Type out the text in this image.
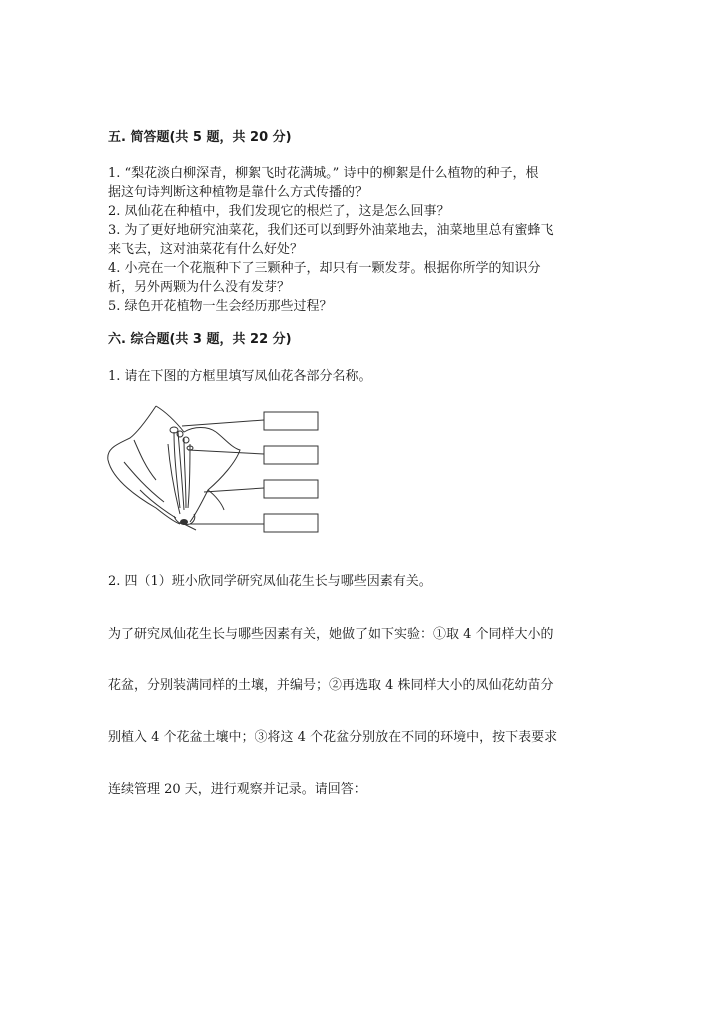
五. 简答题(共 5 题，共 20 分)
1. “梨花淡白柳深青，柳絮飞时花满城。” 诗中的柳絮是什么植物的种子，根
据这句诗判断这种植物是靠什么方式传播的？
2. 凤仙花在种植中，我们发现它的根烂了，这是怎么回事？
3. 为了更好地研究油菜花，我们还可以到野外油菜地去，油菜地里总有蜜蜂飞
来飞去，这对油菜花有什么好处？
4. 小亮在一个花瓶种下了三颗种子，却只有一颗发芽。根据你所学的知识分
析，另外两颗为什么没有发芽？
5. 绿色开花植物一生会经历那些过程？
六. 综合题(共 3 题，共 22 分)
1. 请在下图的方框里填写凤仙花各部分名称。
2. 四（1）班小欣同学研究凤仙花生长与哪些因素有关。
为了研究凤仙花生长与哪些因素有关，她做了如下实验：①取 4 个同样大小的
花盆，分别装满同样的土壤，并编号；②再选取 4 株同样大小的凤仙花幼苗分
别植入 4 个花盆土壤中；③将这 4 个花盆分别放在不同的环境中，按下表要求
连续管理 20 天，进行观察并记录。请回答：
